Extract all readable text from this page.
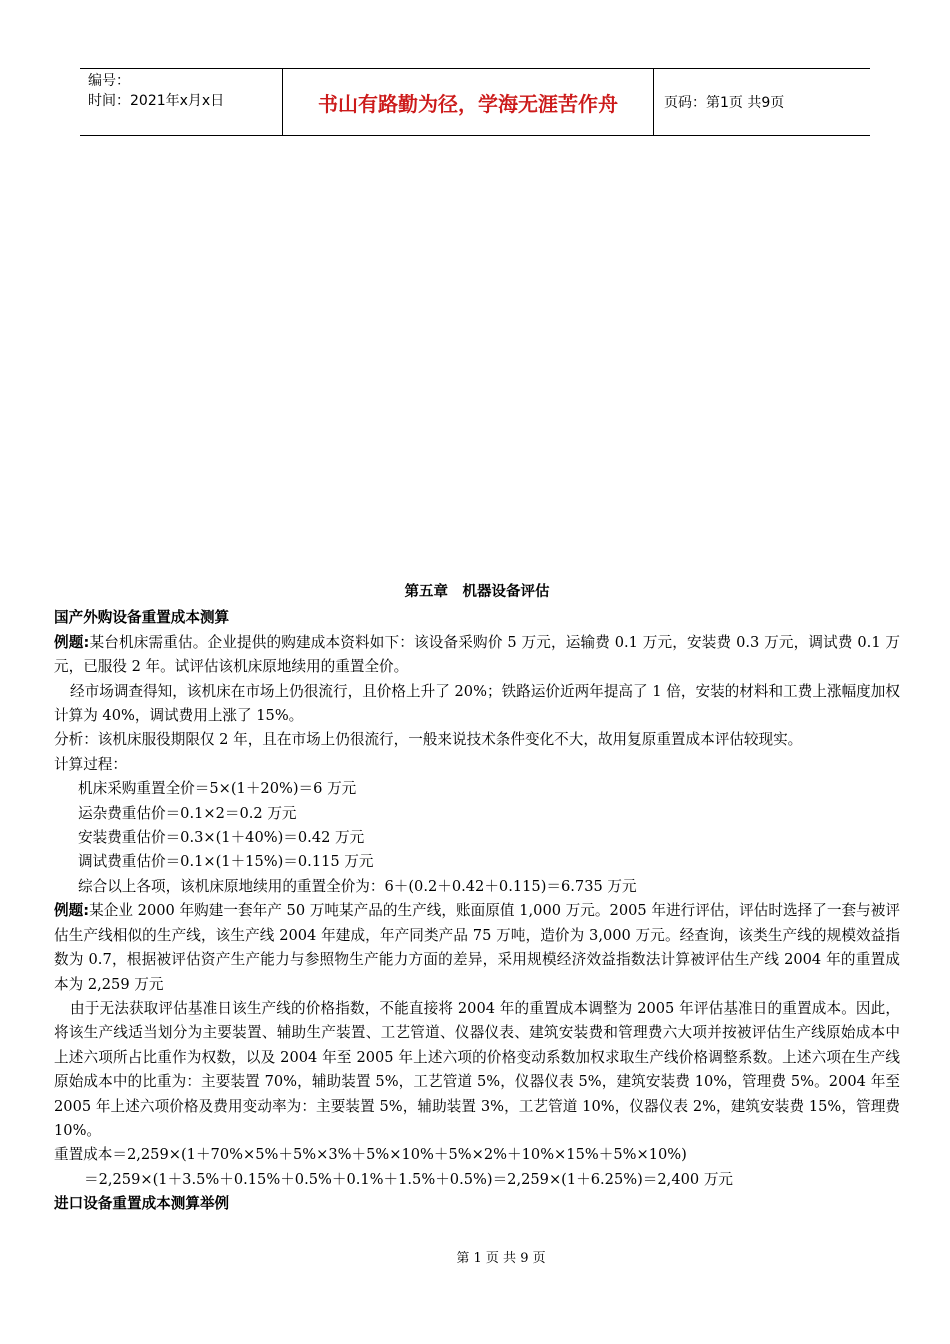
编号：
时间：2021年x月x日	书山有路勤为径，学海无涯苦作舟	页码：第1页 共9页

第五章　机器设备评估

国产外购设备重置成本测算

例题:某台机床需重估。企业提供的购建成本资料如下：该设备采购价 5 万元，运输费 0.1 万元，安装费 0.3 万元，调试费 0.1 万元，已服役 2 年。试评估该机床原地续用的重置全价。

经市场调查得知，该机床在市场上仍很流行，且价格上升了 20%；铁路运价近两年提高了 1 倍，安装的材料和工费上涨幅度加权计算为 40%，调试费用上涨了 15%。

分析：该机床服役期限仅 2 年，且在市场上仍很流行，一般来说技术条件变化不大，故用复原重置成本评估较现实。

计算过程：

机床采购重置全价＝5×(1＋20%)＝6 万元

运杂费重估价＝0.1×2＝0.2 万元

安装费重估价＝0.3×(1＋40%)＝0.42 万元

调试费重估价＝0.1×(1＋15%)＝0.115 万元

综合以上各项，该机床原地续用的重置全价为：6＋(0.2＋0.42＋0.115)＝6.735 万元

例题:某企业 2000 年购建一套年产 50 万吨某产品的生产线，账面原值 1,000 万元。2005 年进行评估，评估时选择了一套与被评估生产线相似的生产线，该生产线 2004 年建成，年产同类产品 75 万吨，造价为 3,000 万元。经查询，该类生产线的规模效益指数为 0.7，根据被评估资产生产能力与参照物生产能力方面的差异，采用规模经济效益指数法计算被评估生产线 2004 年的重置成本为 2,259 万元

由于无法获取评估基准日该生产线的价格指数，不能直接将 2004 年的重置成本调整为 2005 年评估基准日的重置成本。因此，将该生产线适当划分为主要装置、辅助生产装置、工艺管道、仪器仪表、建筑安装费和管理费六大项并按被评估生产线原始成本中上述六项所占比重作为权数，以及 2004 年至 2005 年上述六项的价格变动系数加权求取生产线价格调整系数。上述六项在生产线原始成本中的比重为：主要装置 70%，辅助装置 5%，工艺管道 5%，仪器仪表 5%，建筑安装费 10%，管理费 5%。2004 年至 2005 年上述六项价格及费用变动率为：主要装置 5%，辅助装置 3%，工艺管道 10%，仪器仪表 2%，建筑安装费 15%，管理费 10%。

重置成本＝2,259×(1＋70%×5%＋5%×3%＋5%×10%＋5%×2%＋10%×15%＋5%×10%)

＝2,259×(1＋3.5%＋0.15%＋0.5%＋0.1%＋1.5%＋0.5%)＝2,259×(1＋6.25%)＝2,400 万元

进口设备重置成本测算举例

第 1 页 共 9 页
